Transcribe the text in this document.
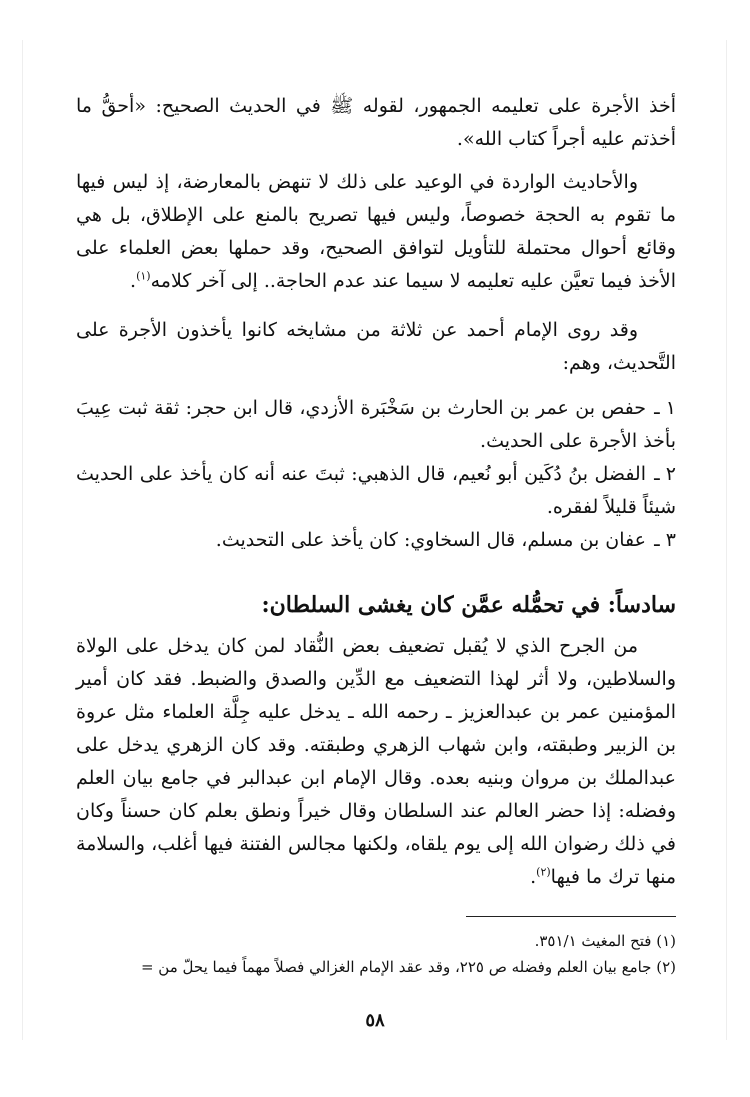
أخذ الأجرة على تعليمه الجمهور، لقوله ﷺ في الحديث الصحيح: «أحقُّ ما أخذتم عليه أجراً كتاب الله».

والأحاديث الواردة في الوعيد على ذلك لا تنهض بالمعارضة، إذ ليس فيها ما تقوم به الحجة خصوصاً، وليس فيها تصريح بالمنع على الإطلاق، بل هي وقائع أحوال محتملة للتأويل لتوافق الصحيح، وقد حملها بعض العلماء على الأخذ فيما تعيَّن عليه تعليمه لا سيما عند عدم الحاجة.. إلى آخر كلامه$^{(١)}$.

وقد روى الإمام أحمد عن ثلاثة من مشايخه كانوا يأخذون الأجرة على التَّحديث، وهم:

١ ـحفص بن عمر بن الحارث بن سَخْبَرة الأزدي، قال ابن حجر: ثقة ثبت عِيبَ بأخذ الأجرة على الحديث.

٢ ـالفضل بنُ دُكَين أبو نُعيم، قال الذهبي: ثبتَ عنه أنه كان يأخذ على الحديث شيئاً قليلاً لفقره.

٣ ـعفان بن مسلم، قال السخاوي: كان يأخذ على التحديث.

سادساً: في تحمُّله عمَّن كان يغشى السلطان:

من الجرح الذي لا يُقبل تضعيف بعض النُّقاد لمن كان يدخل على الولاة والسلاطين، ولا أثر لهذا التضعيف مع الدِّين والصدق والضبط. فقد كان أمير المؤمنين عمر بن عبدالعزيز ـ رحمه الله ـ يدخل عليه جِلَّة العلماء مثل عروة بن الزبير وطبقته، وابن شهاب الزهري وطبقته. وقد كان الزهري يدخل على عبدالملك بن مروان وبنيه بعده. وقال الإمام ابن عبدالبر في جامع بيان العلم وفضله: إذا حضر العالم عند السلطان وقال خيراً ونطق بعلم كان حسناً وكان في ذلك رضوان الله إلى يوم يلقاه، ولكنها مجالس الفتنة فيها أغلب، والسلامة منها ترك ما فيها$^{(٢)}$.

(١) فتح المغيث ٣٥١/١.

(٢) جامع بيان العلم وفضله ص ٢٢٥، وقد عقد الإمام الغزالي فصلاً مهماً فيما يحلّ من =

٥٨
